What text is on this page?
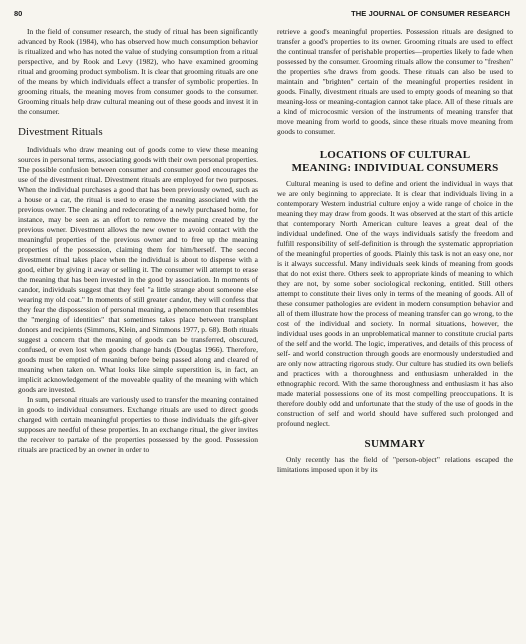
80	THE JOURNAL OF CONSUMER RESEARCH

In the field of consumer research, the study of ritual has been significantly advanced by Rook (1984), who has observed how much consumption behavior is ritualized and who has noted the value of studying consumption from a ritual perspective, and by Rook and Levy (1982), who have examined grooming ritual and grooming product symbolism. It is clear that grooming rituals are one of the means by which individuals effect a transfer of symbolic properties. In grooming rituals, the meaning moves from consumer goods to the consumer. Grooming rituals help draw cultural meaning out of these goods and invest it in the consumer.

Divestment Rituals

Individuals who draw meaning out of goods come to view these meaning sources in personal terms, associating goods with their own personal properties. The possible confusion between consumer and consumer good encourages the use of the divestment ritual. Divestment rituals are employed for two purposes. When the individual purchases a good that has been previously owned, such as a house or a car, the ritual is used to erase the meaning associated with the previous owner. The cleaning and redecorating of a newly purchased home, for instance, may be seen as an effort to remove the meaning created by the previous owner. Divestment allows the new owner to avoid contact with the meaningful properties of the previous owner and to free up the meaning properties of the possession, claiming them for him/herself. The second divestment ritual takes place when the individual is about to dispense with a good, either by giving it away or selling it. The consumer will attempt to erase the meaning that has been invested in the good by association. In moments of candor, individuals suggest that they feel "a little strange about someone else wearing my old coat." In moments of still greater candor, they will confess that they fear the dispossession of personal meaning, a phenomenon that resembles the "merging of identities" that sometimes takes place between transplant donors and recipients (Simmons, Klein, and Simmons 1977, p. 68). Both rituals suggest a concern that the meaning of goods can be transferred, obscured, confused, or even lost when goods change hands (Douglas 1966). Therefore, goods must be emptied of meaning before being passed along and cleared of meaning when taken on. What looks like simple superstition is, in fact, an implicit acknowledgement of the moveable quality of the meaning with which goods are invested.

In sum, personal rituals are variously used to transfer the meaning contained in goods to individual consumers. Exchange rituals are used to direct goods charged with certain meaningful properties to those individuals the gift-giver supposes are needful of these properties. In an exchange ritual, the giver invites the receiver to partake of the properties possessed by the good. Possession rituals are practiced by an owner in order to

retrieve a good's meaningful properties. Possession rituals are designed to transfer a good's properties to its owner. Grooming rituals are used to effect the continual transfer of perishable properties—properties likely to fade when possessed by the consumer. Grooming rituals allow the consumer to "freshen" the properties s/he draws from goods. These rituals can also be used to maintain and "brighten" certain of the meaningful properties resident in goods. Finally, divestment rituals are used to empty goods of meaning so that meaning-loss or meaning-contagion cannot take place. All of these rituals are a kind of microcosmic version of the instruments of meaning transfer that move meaning from world to goods, since these rituals move meaning from goods to consumer.

LOCATIONS OF CULTURAL
MEANING: INDIVIDUAL CONSUMERS

Cultural meaning is used to define and orient the individual in ways that we are only beginning to appreciate. It is clear that individuals living in a contemporary Western industrial culture enjoy a wide range of choice in the meaning they may draw from goods. It was observed at the start of this article that contemporary North American culture leaves a great deal of the individual undefined. One of the ways individuals satisfy the freedom and fulfill responsibility of self-definition is through the systematic appropriation of the meaningful properties of goods. Plainly this task is not an easy one, nor is it always successful. Many individuals seek kinds of meaning from goods that do not exist there. Others seek to appropriate kinds of meaning to which they are not, by some sober sociological reckoning, entitled. Still others attempt to constitute their lives only in terms of the meaning of goods. All of these consumer pathologies are evident in modern consumption behavior and all of them illustrate how the process of meaning transfer can go wrong, to the cost of the individual and society. In normal situations, however, the individual uses goods in an unproblematical manner to constitute crucial parts of the self and the world. The logic, imperatives, and details of this process of self- and world construction through goods are enormously understudied and are only now attracting rigorous study. Our culture has studied its own beliefs and practices with a thoroughness and enthusiasm unheralded in the ethnographic record. With the same thoroughness and enthusiasm it has also made material possessions one of its most compelling preoccupations. It is therefore doubly odd and unfortunate that the study of the use of goods in the construction of self and world should have suffered such prolonged and profound neglect.

SUMMARY

Only recently has the field of "person-object" relations escaped the limitations imposed upon it by its
